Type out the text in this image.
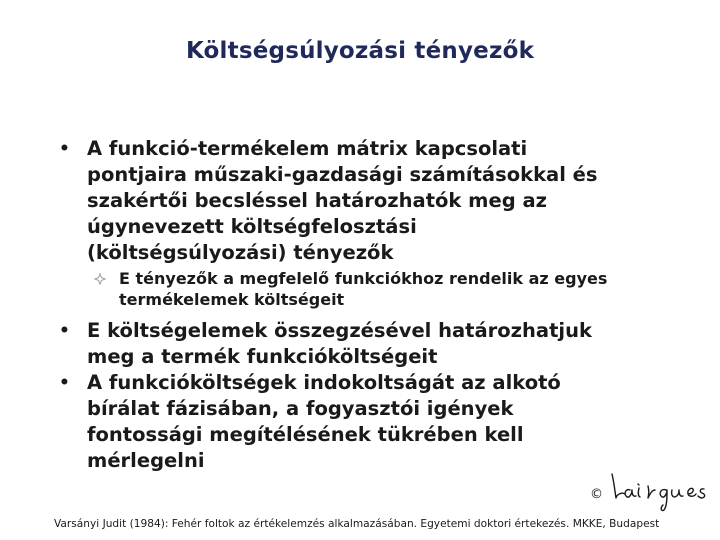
Költségsúlyozási tényezők
• A funkció-termékelem mátrix kapcsolati
pontjaira műszaki-gazdasági számításokkal és
szakértői becsléssel határozhatók meg az
úgynevezett költségfelosztási
(költségsúlyozási) tényezők
E tényezők a megfelelő funkciókhoz rendelik az egyes
termékelemek költségeit
• E költségelemek összegzésével határozhatjuk
meg a termék funkcióköltségeit
• A funkcióköltségek indokoltságát az alkotó
bírálat fázisában, a fogyasztói igények
fontossági megítélésének tükrében kell
mérlegelni
©
Varsányi Judit (1984): Fehér foltok az értékelemzés alkalmazásában. Egyetemi doktori értekezés. MKKE, Budapest
